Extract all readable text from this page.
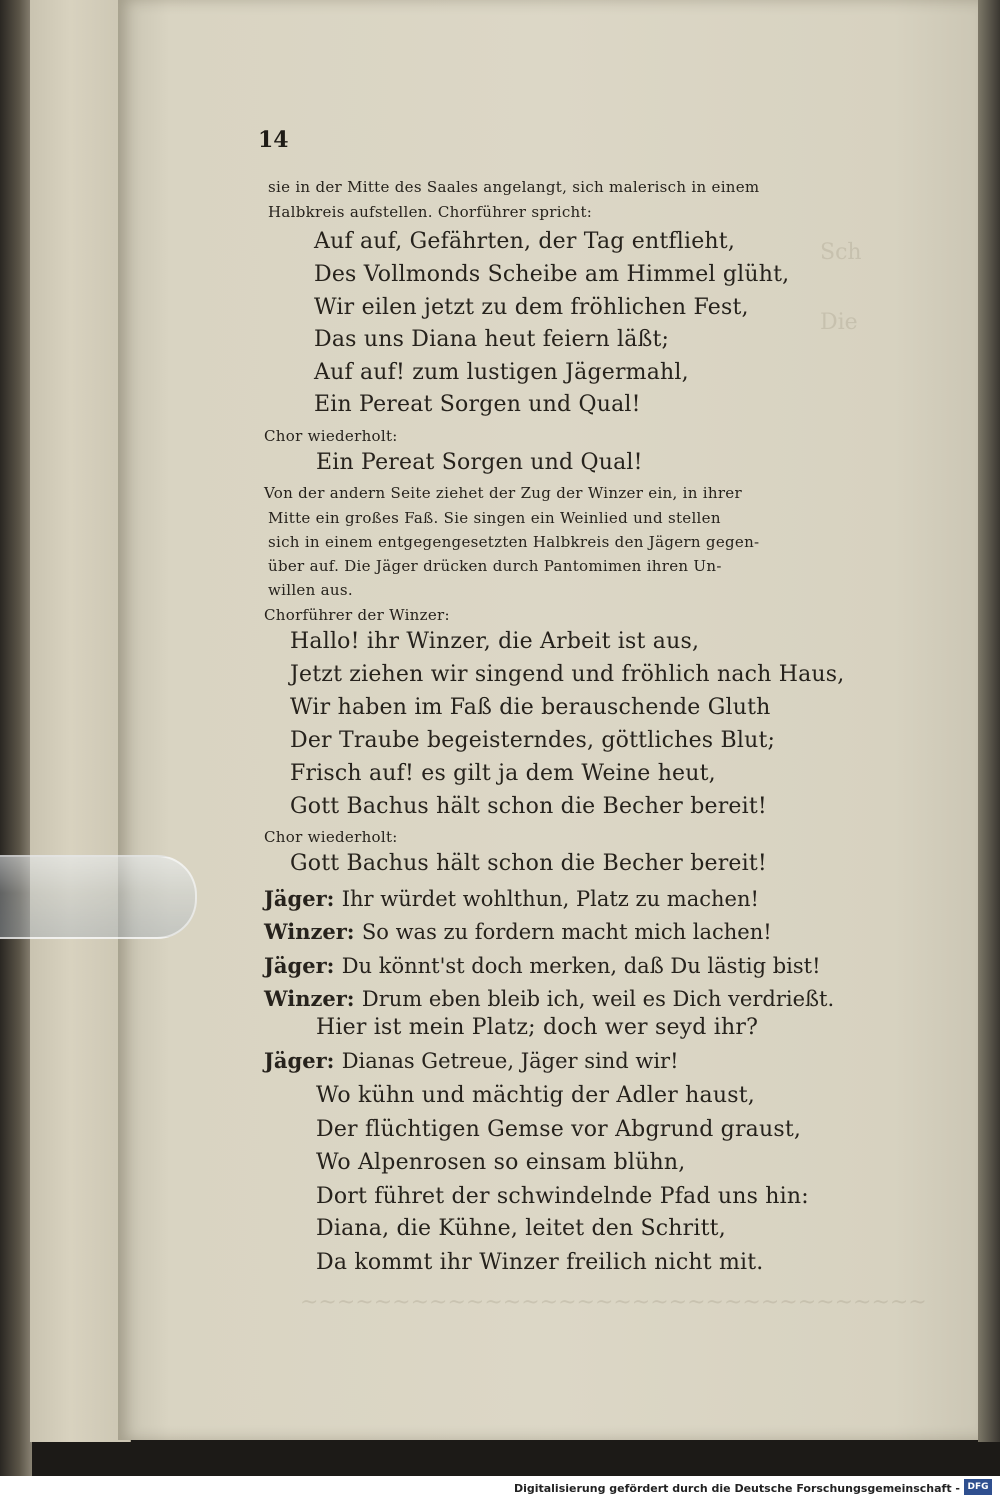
Sch
Die
~~~~~~~~~~~~~~~~~~~~~~~~~~~~~~~~~~
14
sie in der Mitte des Saales angelangt, sich malerisch in einem
Halbkreis aufstellen. Chorführer spricht:
Auf auf, Gefährten, der Tag entflieht,
Des Vollmonds Scheibe am Himmel glüht,
Wir eilen jetzt zu dem fröhlichen Fest,
Das uns Diana heut feiern läßt;
Auf auf! zum lustigen Jägermahl,
Ein Pereat Sorgen und Qual!
Chor wiederholt:
Ein Pereat Sorgen und Qual!
Von der andern Seite ziehet der Zug der Winzer ein, in ihrer
Mitte ein großes Faß. Sie singen ein Weinlied und stellen
sich in einem entgegengesetzten Halbkreis den Jägern gegen-
über auf. Die Jäger drücken durch Pantomimen ihren Un-
willen aus.
Chorführer der Winzer:
Hallo! ihr Winzer, die Arbeit ist aus,
Jetzt ziehen wir singend und fröhlich nach Haus,
Wir haben im Faß die berauschende Gluth
Der Traube begeisterndes, göttliches Blut;
Frisch auf! es gilt ja dem Weine heut,
Gott Bachus hält schon die Becher bereit!
Chor wiederholt:
Gott Bachus hält schon die Becher bereit!
Jäger: Ihr würdet wohlthun, Platz zu machen!
Winzer: So was zu fordern macht mich lachen!
Jäger: Du könnt'st doch merken, daß Du lästig bist!
Winzer: Drum eben bleib ich, weil es Dich verdrießt.
Hier ist mein Platz; doch wer seyd ihr?
Jäger: Dianas Getreue, Jäger sind wir!
Wo kühn und mächtig der Adler haust,
Der flüchtigen Gemse vor Abgrund graust,
Wo Alpenrosen so einsam blühn,
Dort führet der schwindelnde Pfad uns hin:
Diana, die Kühne, leitet den Schritt,
Da kommt ihr Winzer freilich nicht mit.
Digitalisierung gefördert durch die Deutsche Forschungsgemeinschaft - DFG
